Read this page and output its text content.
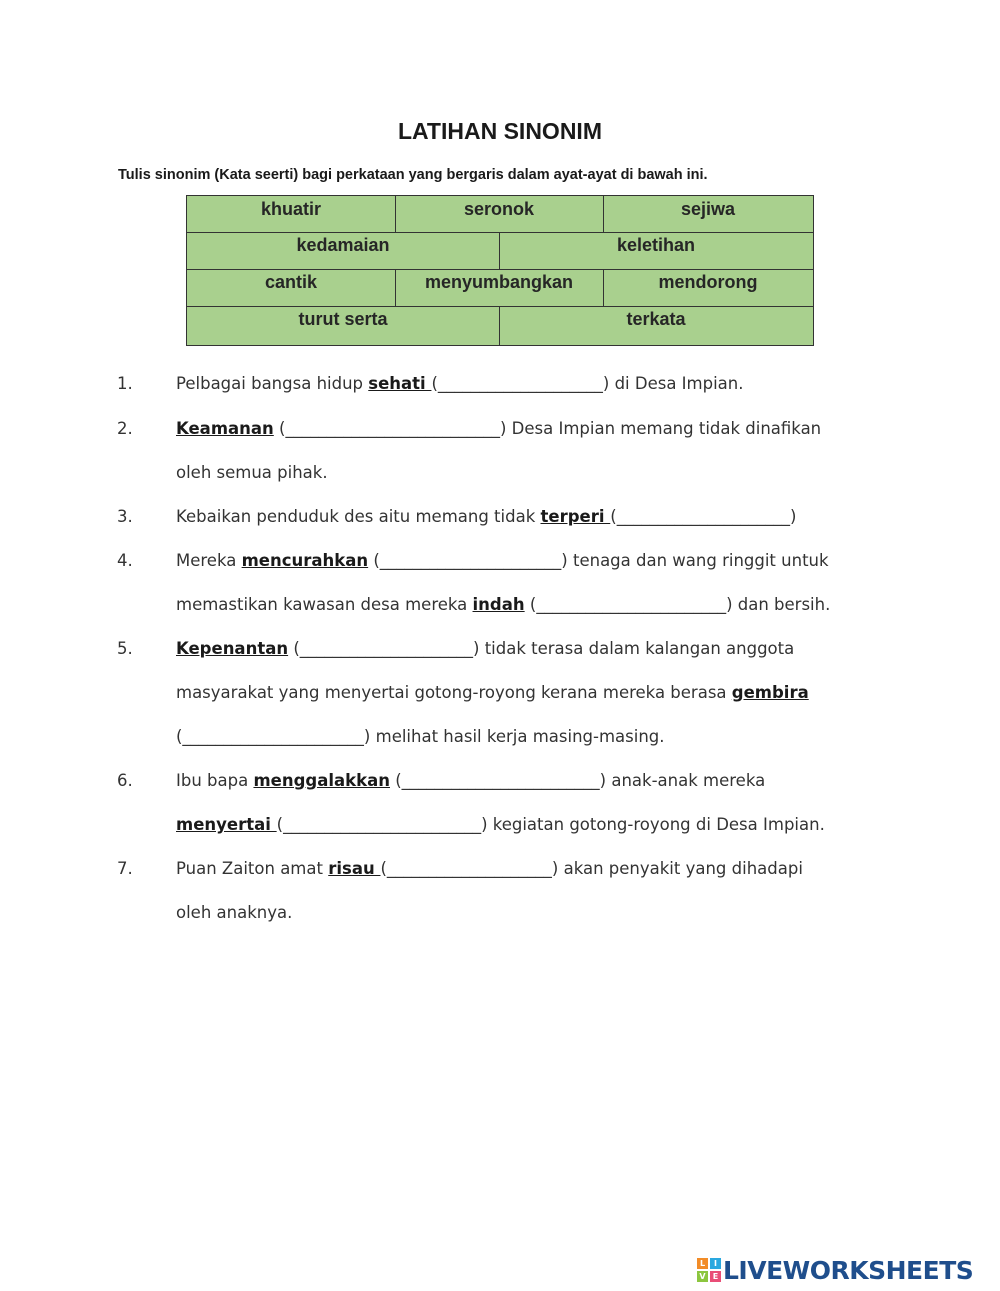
LATIHAN SINONIM
Tulis sinonim (Kata seerti) bagi perkataan yang bergaris dalam ayat-ayat di bawah ini.
khuatir	seronok	sejiwa
kedamaian	keletihan
cantik	menyumbangkan	mendorong
turut serta	terkata
1.	Pelbagai bangsa hidup sehati (____________________) di Desa Impian.
2.	Keamanan (__________________________) Desa Impian memang tidak dinafikan
oleh semua pihak.
3.	Kebaikan penduduk des aitu memang tidak terperi (_____________________)
4.	Mereka mencurahkan (______________________) tenaga dan wang ringgit untuk
memastikan kawasan desa mereka indah (_______________________) dan bersih.
5.	Kepenantan (_____________________) tidak terasa dalam kalangan anggota
masyarakat yang menyertai gotong-royong kerana mereka berasa gembira
(______________________) melihat hasil kerja masing-masing.
6.	Ibu bapa menggalakkan (________________________) anak-anak mereka
menyertai (________________________) kegiatan gotong-royong di Desa Impian.
7.	Puan Zaiton amat risau (____________________) akan penyakit yang dihadapi
oleh anaknya.
L	I
V E LIVEWORKSHEETS
